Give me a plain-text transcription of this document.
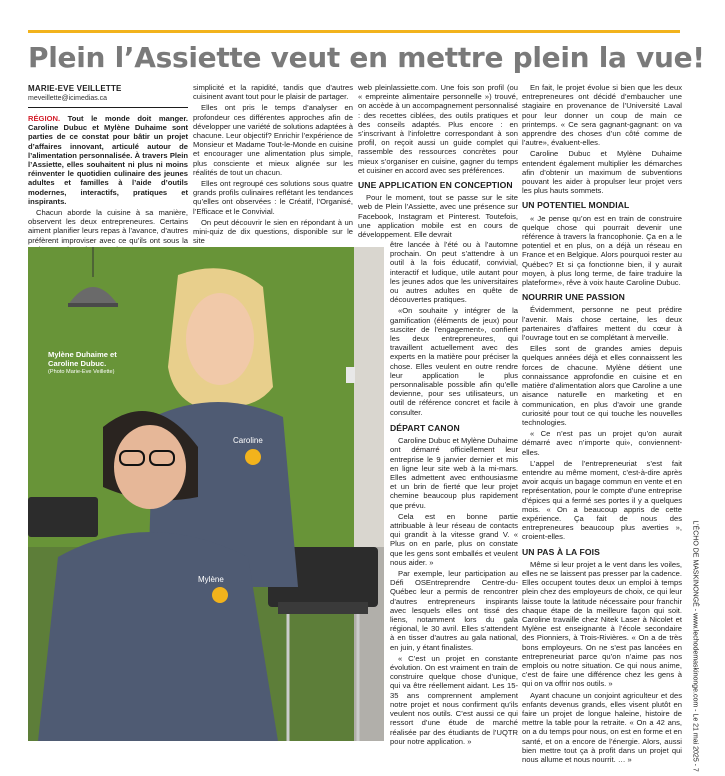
Plein l’Assiette veut en mettre plein la vue!
MARIE-EVE VEILLETTE
meveillette@icimedias.ca

RÉGION. Tout le monde doit manger. Caroline Dubuc et Mylène Duhaime sont parties de ce constat pour bâtir un projet d’affaires innovant, articulé autour de l’alimentation personnalisée. À travers Plein l’Assiette, elles souhaitent ni plus ni moins réinventer le quotidien culinaire des jeunes adultes et familles à l’aide d’outils modernes, interactifs, pratiques et inspirants.

Chacun aborde la cuisine à sa manière, observent les deux entrepreneures. Certains aiment planifier leurs repas à l’avance, d’autres préfèrent improviser avec ce qu’ils ont sous la

simplicité et la rapidité, tandis que d’autres cuisinent avant tout pour le plaisir de partager.

Elles ont pris le temps d’analyser en profondeur ces différentes approches afin de développer une variété de solutions adaptées à chacune. Leur objectif? Enrichir l’expérience de Monsieur et Madame Tout-le-Monde en cuisine et encourager une alimentation plus simple, plus consciente et mieux alignée sur les réalités de tout un chacun.

Elles ont regroupé ces solutions sous quatre grands profils culinaires reflétant les tendances qu’elles ont observées : le Créatif, l’Organisé, l’Efficace et le Convivial.

On peut découvrir le sien en répondant à un mini-quiz de dix questions, disponible sur le site

web pleinlassiette.com. Une fois son profil (ou « empreinte alimentaire personnelle ») trouvé, on accède à un accompagnement personnalisé : des recettes ciblées, des outils pratiques et des conseils adaptés. Plus encore : en s’inscrivant à l’infolettre correspondant à son profil, on reçoit aussi un guide complet qui rassemble des ressources concrètes pour mieux s’organiser en cuisine, gagner du temps et cuisiner en accord avec ses préférences.

UNE APPLICATION EN CONCEPTION

Pour le moment, tout se passe sur le site web de Plein l’Assiette, avec une présence sur Facebook, Instagram et Pinterest. Toutefois, une application mobile est en cours de développement. Elle devrait

être lancée à l’été ou à l’automne prochain. On peut s’attendre à un outil à la fois éducatif, convivial, interactif et ludique, utile autant pour les jeunes ados que les universitaires ou autres adultes en quête de découvertes pratiques.

«On souhaite y intégrer de la gamification (éléments de jeux) pour susciter de l’engagement», confient les deux entrepreneures, qui travaillent actuellement avec des experts en la matière pour préciser la chose. Elles veulent en outre rendre leur application le plus personnalisable possible afin qu’elle devienne, pour ses utilisateurs, un outil de référence concret et facile à consulter.

DÉPART CANON

Caroline Dubuc et Mylène Duhaime ont démarré officiellement leur entreprise le 9 janvier dernier et mis en ligne leur site web à la mi-mars. Elles admettent avec enthousiasme et un brin de fierté que leur projet chemine beaucoup plus rapidement que prévu.

Cela est en bonne partie attribuable à leur réseau de contacts qui grandit à la vitesse grand V. « Plus on en parle, plus on constate que les gens sont emballés et veulent nous aider. »

Par exemple, leur participation au Défi OSEntreprendre Centre-du-Québec leur a permis de rencontrer d’autres entrepreneurs inspirants avec lesquels elles ont tissé des liens, notamment lors du gala régional, le 30 avril. Elles s’attendent à en tisser d’autres au gala national, en juin, y étant finalistes.

« C’est un projet en constante évolution. On est vraiment en train de construire quelque chose d’unique, qui va être réellement aidant. Les 15-35 ans comprennent amplement notre projet et nous confirment qu’ils veulent nos outils. C’est aussi ce qui ressort d’une étude de marché réalisée par des étudiants de l’UQTR pour notre application. »

En fait, le projet évolue si bien que les deux entrepreneures ont décidé d’embaucher une stagiaire en provenance de l’Université Laval pour leur donner un coup de main ce printemps. « Ce sera gagnant-gagnant: on va apprendre des choses d’un côté comme de l’autre», évaluent-elles.

Caroline Dubuc et Mylène Duhaime entendent également multiplier les démarches afin d’obtenir un maximum de subventions pouvant les aider à propulser leur projet vers les plus hauts sommets.

UN POTENTIEL MONDIAL

« Je pense qu’on est en train de construire quelque chose qui pourrait devenir une référence à travers la francophonie. Ça en a le potentiel et en plus, on a déjà un réseau en France et en Belgique. Alors pourquoi rester au Québec? Et si ça fonctionne bien, il y aurait moyen, à plus long terme, de faire traduire la plateforme», rêve à voix haute Caroline Dubuc.

NOURRIR UNE PASSION

Évidemment, personne ne peut prédire l’avenir. Mais chose certaine, les deux partenaires d’affaires mettent du cœur à l’ouvrage tout en se complétant à merveille.

Elles sont de grandes amies depuis quelques années déjà et elles connaissent les forces de chacune. Mylène détient une connaissance approfondie en cuisine et en matière d’alimentation alors que Caroline a une aisance naturelle en marketing et en communication, en plus d’avoir une grande curiosité pour tout ce qui touche les nouvelles technologies.

« Ce n’est pas un projet qu’on aurait démarré avec n’importe qui», conviennent-elles.

L’appel de l’entrepreneuriat s’est fait entendre au même moment, c’est-à-dire après avoir acquis un bagage commun en vente et en représentation, pour le compte d’une entreprise d’épices qui a fermé ses portes il y a quelques mois. « On a beaucoup appris de cette expérience. Ça fait de nous des entrepreneures beaucoup plus averties », croient-elles.

UN PAS À LA FOIS

Même si leur projet a le vent dans les voiles, elles ne se laissent pas presser par la cadence. Elles occupent toutes deux un emploi à temps plein chez des employeurs de choix, ce qui leur laisse toute la latitude nécessaire pour franchir chaque étape de la meilleure façon qui soit. Caroline travaille chez Nitek Laser à Nicolet et Mylène est enseignante à l’école secondaire des Pionniers, à Trois-Rivières. « On a de très bons employeurs. On ne s’est pas lancées en entrepreneuriat parce qu’on n’aime pas nos emplois ou notre situation. Ce qui nous anime, c’est de faire une différence chez les gens à qui on va offrir nos outils. »

Ayant chacune un conjoint agriculteur et des enfants devenus grands, elles visent plutôt en faire un projet de longue haleine, histoire de mettre la table pour la retraite. « On a 42 ans, on a du temps pour nous, on est en forme et en santé, et on a encore de l’énergie. Alors, aussi bien mettre tout ça à profit dans un projet qui nous allume et nous nourrit. … »

Caroline
Mylène
Mylène Duhaime et Caroline Dubuc.
(Photo Marie-Eve Veillette)
L’ÉCHO DE MASKINONGÉ - www.lechodemaskinonge.com - Le 21 mai 2025 - 7
